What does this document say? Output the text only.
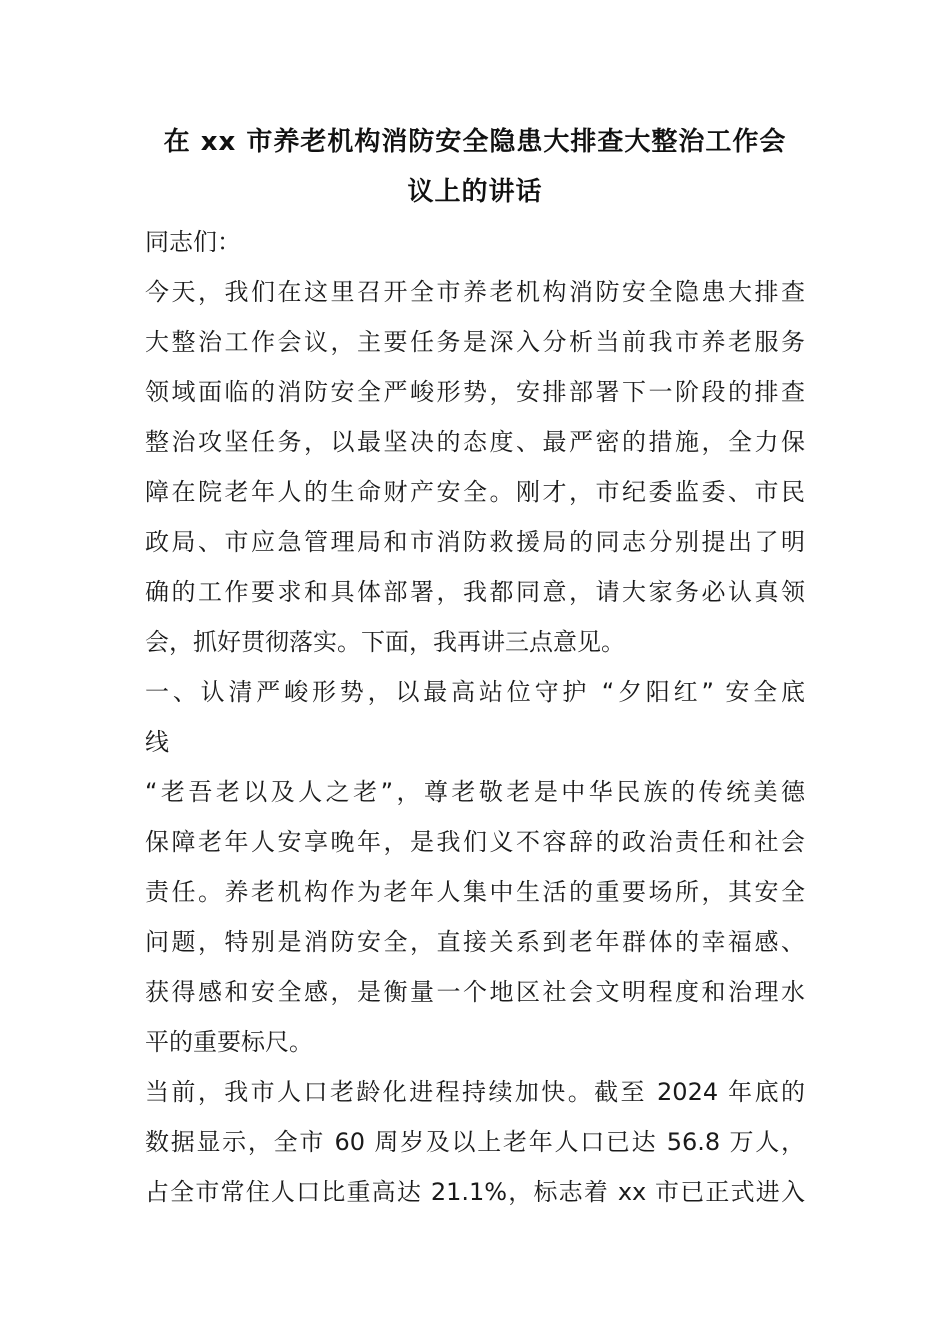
在 xx 市养老机构消防安全隐患大排查大整治工作会
议上的讲话
同志们：
今天，我们在这里召开全市养老机构消防安全隐患大排查
大整治工作会议，主要任务是深入分析当前我市养老服务
领域面临的消防安全严峻形势，安排部署下一阶段的排查
整治攻坚任务，以最坚决的态度、最严密的措施，全力保
障在院老年人的生命财产安全。刚才，市纪委监委、市民
政局、市应急管理局和市消防救援局的同志分别提出了明
确的工作要求和具体部署，我都同意，请大家务必认真领
会，抓好贯彻落实。下面，我再讲三点意见。
一、认清严峻形势，以最高站位守护 “夕阳红” 安全底
线
“老吾老以及人之老”，尊老敬老是中华民族的传统美德
保障老年人安享晚年，是我们义不容辞的政治责任和社会
责任。养老机构作为老年人集中生活的重要场所，其安全
问题，特别是消防安全，直接关系到老年群体的幸福感、
获得感和安全感，是衡量一个地区社会文明程度和治理水
平的重要标尺。
当前，我市人口老龄化进程持续加快。截至 2024 年底的
数据显示，全市 60 周岁及以上老年人口已达 56.8 万人，
占全市常住人口比重高达 21.1%，标志着 xx 市已正式进入
